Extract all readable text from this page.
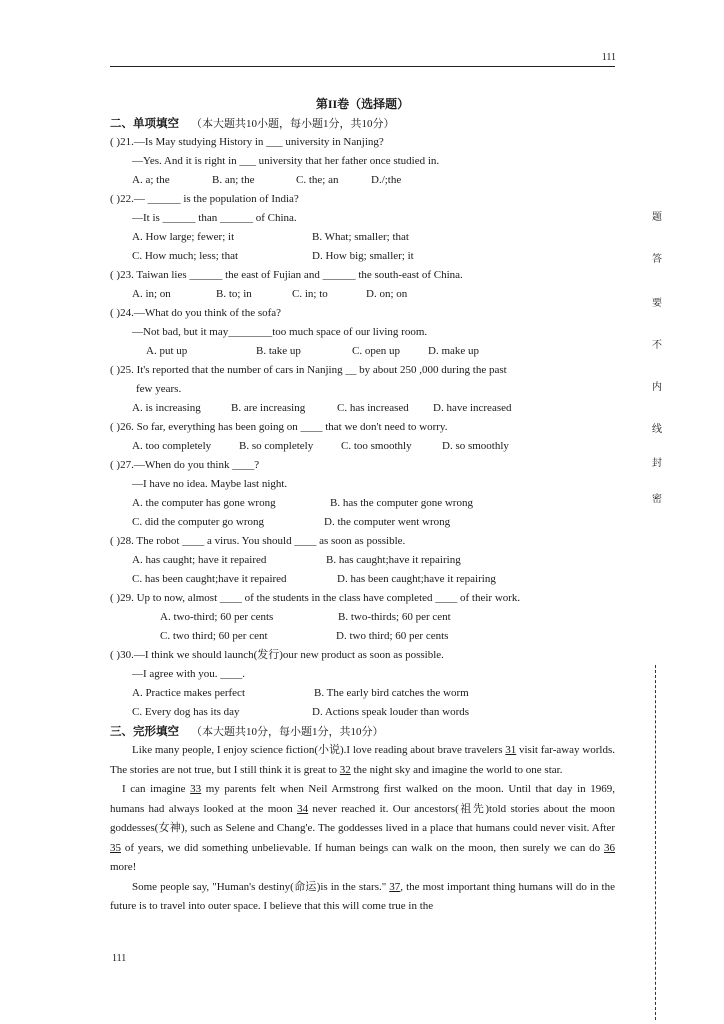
111
第II卷（选择题）
二、单项填空 （本大题共10小题，每小题1分，共10分）
( )21.—Is May studying History in ___ university in Nanjing?
—Yes. And it is right in ___ university that her father once studied in.
A. a; the	B. an; the	C. the; an	D./;the
( )22.— ______ is the population of India?
—It is ______ than ______ of China.
A. How large; fewer; it	B. What; smaller; that
C. How much; less; that	D. How big; smaller; it
( )23. Taiwan lies ______ the east of Fujian and ______ the south-east of China.
A. in; on	B. to; in	C. in; to	D. on; on
( )24.—What do you think of the sofa?
—Not bad, but it may________too much space of our living room.
A. put up	B. take up	C. open up	D. make up
( )25. It's reported that the number of cars in Nanjing __ by about 250 ,000 during the past
few years.
A. is increasing	B. are increasing	C. has increased	D. have increased
( )26. So far, everything has been going on ____ that we don't need to worry.
A. too completely	B. so completely	C. too smoothly	D. so smoothly
( )27.—When do you think ____?
—I have no idea. Maybe last night.
A. the computer has gone wrong	B. has the computer gone wrong
C. did the computer go wrong	D. the computer went wrong
( )28. The robot ____ a virus. You should ____ as soon as possible.
A. has caught; have it repaired	B. has caught;have it repairing
C. has been caught;have it repaired	D. has been caught;have it repairing
( )29. Up to now, almost ____ of the students in the class have completed ____ of their work.
A. two-third; 60 per cents	B. two-thirds; 60 per cent
C. two third; 60 per cent	D. two third; 60 per cents
( )30.—I think we should launch(发行)our new product as soon as possible.
—I agree with you. ____.
A. Practice makes perfect	B. The early bird catches the worm
C. Every dog has its day	D. Actions speak louder than words
三、完形填空 （本大题共10分，每小题1分，共10分）

Like many people, I enjoy science fiction(小说).I love reading about brave travelers 31 visit far-away worlds. The stories are not true, but I still think it is great to 32 the night sky and imagine the world to one star.

I can imagine 33 my parents felt when Neil Armstrong first walked on the moon. Until that day in 1969, humans had always looked at the moon 34 never reached it. Our ancestors(祖先)told stories about the moon goddesses(女神), such as Selene and Chang'e. The goddesses lived in a place that humans could never visit. After 35 of years, we did something unbelievable. If human beings can walk on the moon, then surely we can do 36 more!

Some people say, "Human's destiny(命运)is in the stars." 37, the most important thing humans will do in the future is to travel into outer space. I believe that this will come true in the

111
题
答
要
不
内
线
封
密
